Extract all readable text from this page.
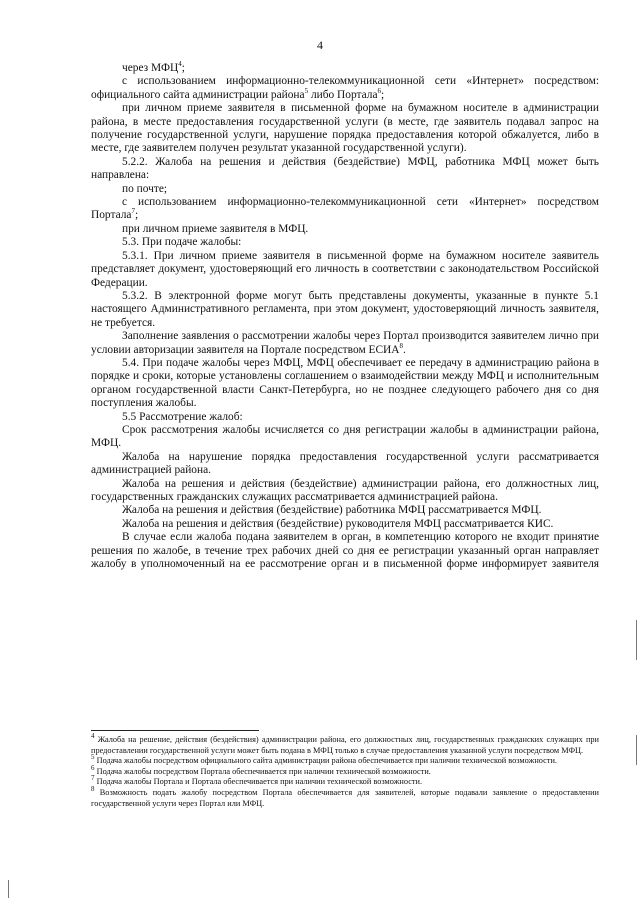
4

через МФЦ$^4$;

с использованием информационно-телекоммуникационной сети «Интернет» посредством: официального сайта администрации района$^5$ либо Портала$^6$;

при личном приеме заявителя в письменной форме на бумажном носителе в администрации района, в месте предоставления государственной услуги (в месте, где заявитель подавал запрос на получение государственной услуги, нарушение порядка предоставления которой обжалуется, либо в месте, где заявителем получен результат указанной государственной услуги).

5.2.2. Жалоба на решения и действия (бездействие) МФЦ, работника МФЦ может быть направлена:

по почте;

с использованием информационно-телекоммуникационной сети «Интернет» посредством Портала$^7$;

при личном приеме заявителя в МФЦ.

5.3. При подаче жалобы:

5.3.1. При личном приеме заявителя в письменной форме на бумажном носителе заявитель представляет документ, удостоверяющий его личность в соответствии с законодательством Российской Федерации.

5.3.2. В электронной форме могут быть представлены документы, указанные в пункте 5.1 настоящего Административного регламента, при этом документ, удостоверяющий личность заявителя, не требуется.

Заполнение заявления о рассмотрении жалобы через Портал производится заявителем лично при условии авторизации заявителя на Портале посредством ЕСИА$^8$.

5.4. При подаче жалобы через МФЦ, МФЦ обеспечивает ее передачу в администрацию района в порядке и сроки, которые установлены соглашением о взаимодействии между МФЦ и исполнительным органом государственной власти Санкт-Петербурга, но не позднее следующего рабочего дня со дня поступления жалобы.

5.5 Рассмотрение жалоб:

Срок рассмотрения жалобы исчисляется со дня регистрации жалобы в администрации района, МФЦ.

Жалоба на нарушение порядка предоставления государственной услуги рассматривается администрацией района.

Жалоба на решения и действия (бездействие) администрации района, его должностных лиц, государственных гражданских служащих рассматривается администрацией района.

Жалоба на решения и действия (бездействие) работника МФЦ рассматривается МФЦ.

Жалоба на решения и действия (бездействие) руководителя МФЦ рассматривается КИС.

В случае если жалоба подана заявителем в орган, в компетенцию которого не входит принятие решения по жалобе, в течение трех рабочих дней со дня ее регистрации указанный орган направляет жалобу в уполномоченный на ее рассмотрение орган и в письменной форме информирует заявителя

$^4$ Жалоба на решение, действия (бездействия) администрации района, его должностных лиц, государственных гражданских служащих при предоставлении государственной услуги может быть подана в МФЦ только в случае предоставления указанной услуги посредством МФЦ.

$^5$ Подача жалобы посредством официального сайта администрации района обеспечивается при наличии технической возможности.

$^6$ Подача жалобы посредством Портала обеспечивается при наличии технической возможности.

$^7$ Подача жалобы Портала и Портала обеспечивается при наличии технической возможности.

$^8$ Возможность подать жалобу посредством Портала обеспечивается для заявителей, которые подавали заявление о предоставлении государственной услуги через Портал или МФЦ.
